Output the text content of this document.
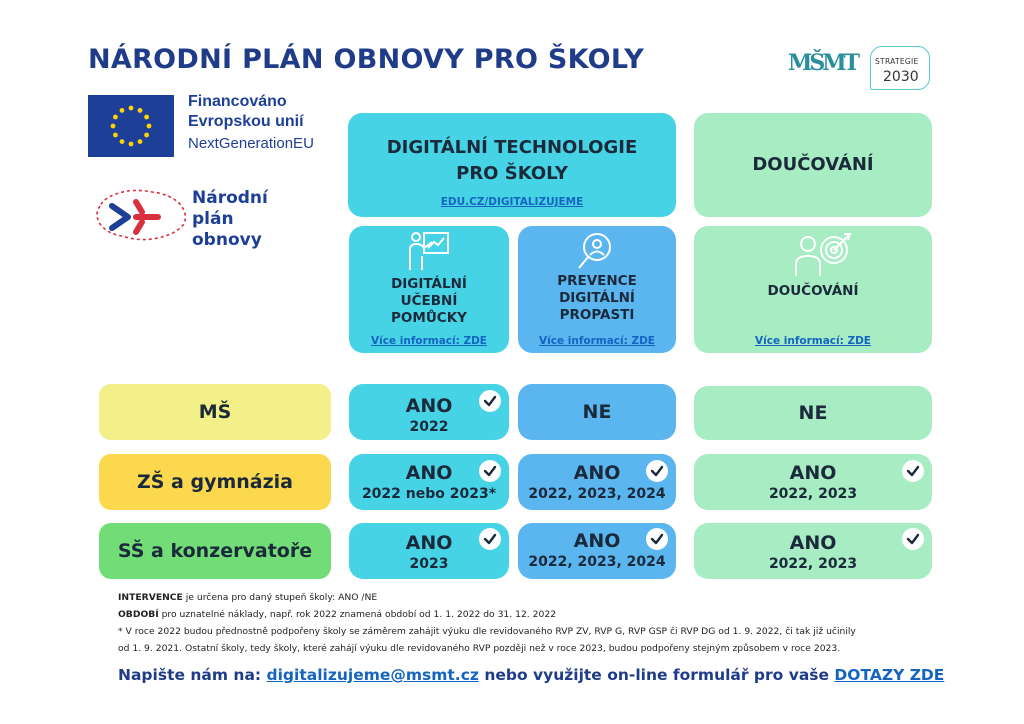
NÁRODNÍ PLÁN OBNOVY PRO ŠKOLY
Financováno
Evropskou unií
NextGenerationEU
Národní
plán
obnovy
MŠMT STRATEGIE
2030
DIGITÁLNÍ TECHNOLOGIE
PRO ŠKOLY
EDU.CZ/DIGITALIZUJEME
DOUČOVÁNÍ
DIGITÁLNÍ
UČEBNÍ
POMŮCKY
Více informací: ZDE
PREVENCE
DIGITÁLNÍ
PROPASTI
Více informací: ZDE
DOUČOVÁNÍ
Více informací: ZDE
MŠ
ZŠ a gymnázia
SŠ a konzervatoře
ANO
2022
NE	NE
ANO
2022 nebo 2023*
ANO
2022, 2023, 2024
ANO
2022, 2023
ANO
2023
ANO
2022, 2023, 2024
ANO
2022, 2023
INTERVENCE je určena pro daný stupeň školy: ANO /NE
OBDOBÍ pro uznatelné náklady, např. rok 2022 znamená období od 1. 1. 2022 do 31. 12. 2022
* V roce 2022 budou přednostně podpořeny školy se záměrem zahájit výuku dle revidovaného RVP ZV, RVP G, RVP GSP či RVP DG od 1. 9. 2022, či tak již učinily
od 1. 9. 2021. Ostatní školy, tedy školy, které zahájí výuku dle revidovaného RVP později než v roce 2023, budou podpořeny stejným způsobem v roce 2023.
Napište nám na: digitalizujeme@msmt.cz nebo využijte on-line formulář pro vaše DOTAZY ZDE
